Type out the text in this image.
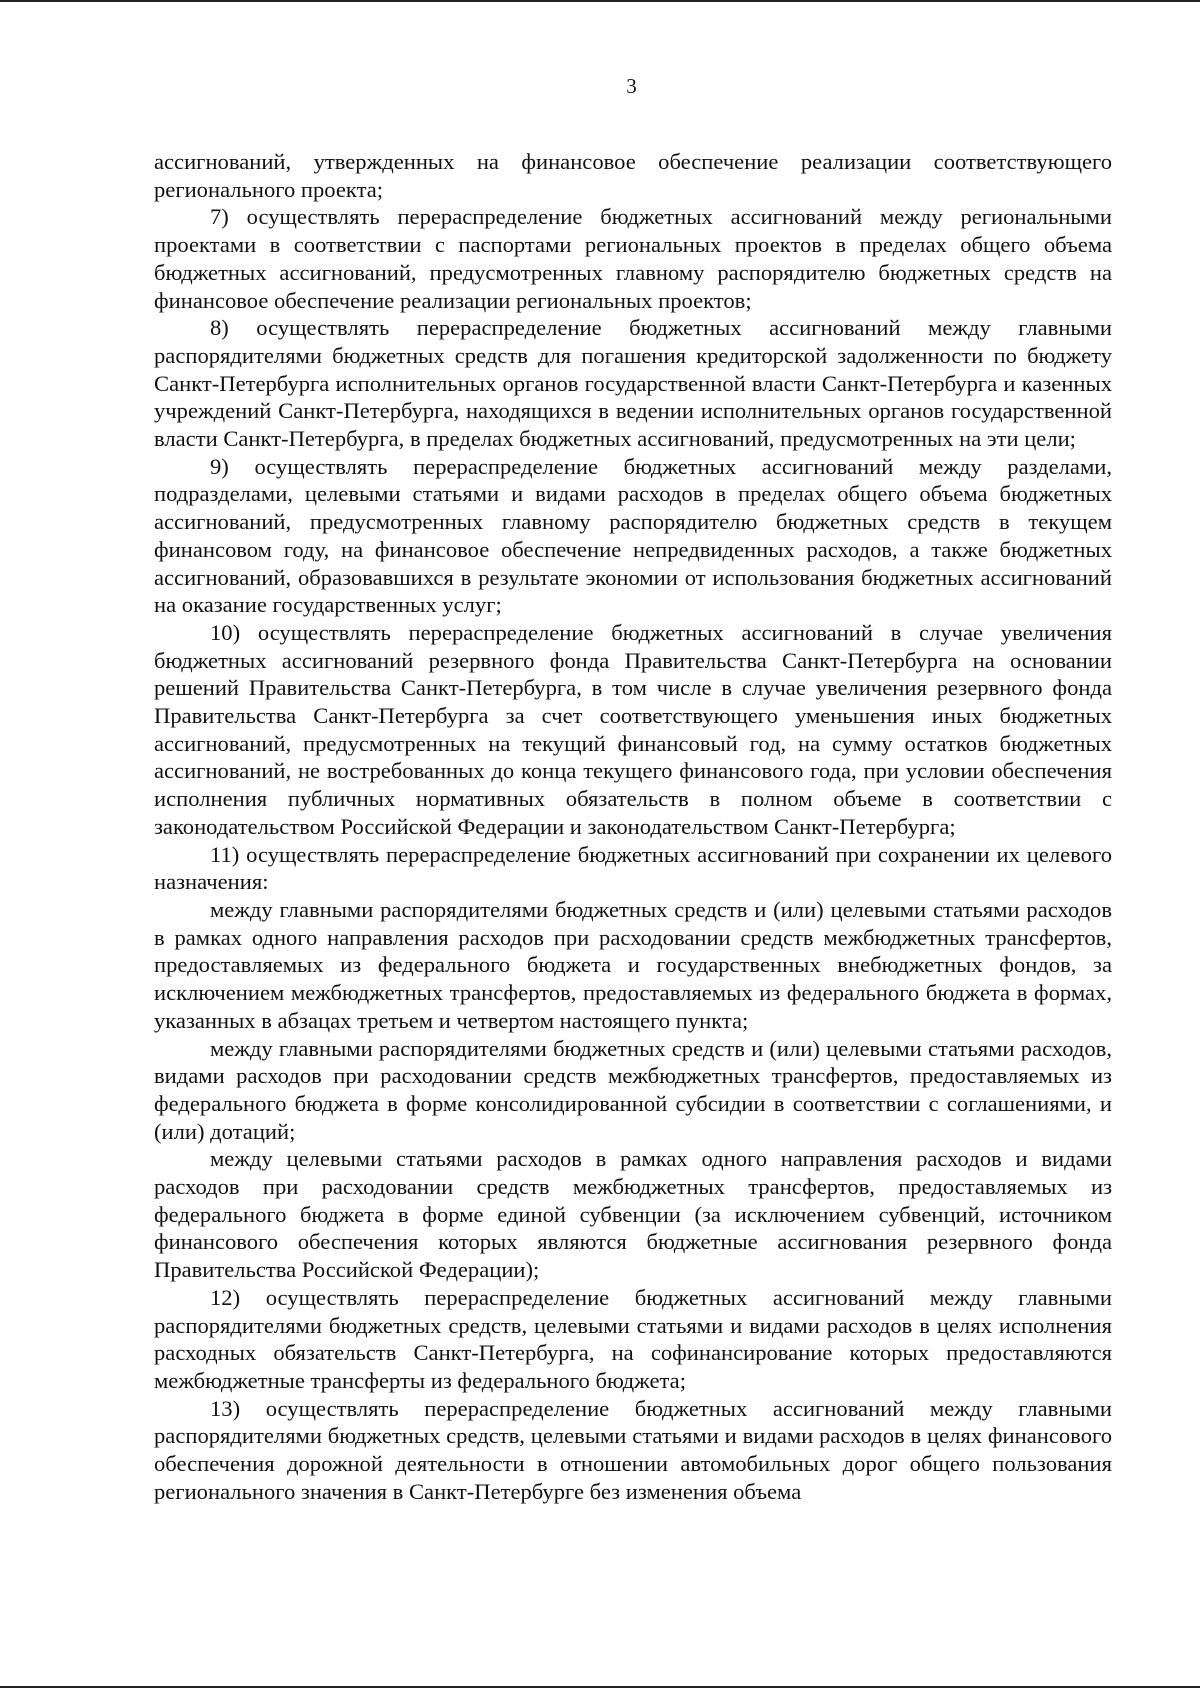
3

ассигнований, утвержденных на финансовое обеспечение реализации соответствующего регионального проекта;

7) осуществлять перераспределение бюджетных ассигнований между региональными проектами в соответствии с паспортами региональных проектов в пределах общего объема бюджетных ассигнований, предусмотренных главному распорядителю бюджетных средств на финансовое обеспечение реализации региональных проектов;

8) осуществлять перераспределение бюджетных ассигнований между главными распорядителями бюджетных средств для погашения кредиторской задолженности по бюджету Санкт-Петербурга исполнительных органов государственной власти Санкт-Петербурга и казенных учреждений Санкт-Петербурга, находящихся в ведении исполнительных органов государственной власти Санкт-Петербурга, в пределах бюджетных ассигнований, предусмотренных на эти цели;

9) осуществлять перераспределение бюджетных ассигнований между разделами, подразделами, целевыми статьями и видами расходов в пределах общего объема бюджетных ассигнований, предусмотренных главному распорядителю бюджетных средств в текущем финансовом году, на финансовое обеспечение непредвиденных расходов, а также бюджетных ассигнований, образовавшихся в результате экономии от использования бюджетных ассигнований на оказание государственных услуг;

10) осуществлять перераспределение бюджетных ассигнований в случае увеличения бюджетных ассигнований резервного фонда Правительства Санкт-Петербурга на основании решений Правительства Санкт-Петербурга, в том числе в случае увеличения резервного фонда Правительства Санкт-Петербурга за счет соответствующего уменьшения иных бюджетных ассигнований, предусмотренных на текущий финансовый год, на сумму остатков бюджетных ассигнований, не востребованных до конца текущего финансового года, при условии обеспечения исполнения публичных нормативных обязательств в полном объеме в соответствии с законодательством Российской Федерации и законодательством Санкт-Петербурга;

11) осуществлять перераспределение бюджетных ассигнований при сохранении их целевого назначения:

между главными распорядителями бюджетных средств и (или) целевыми статьями расходов в рамках одного направления расходов при расходовании средств межбюджетных трансфертов, предоставляемых из федерального бюджета и государственных внебюджетных фондов, за исключением межбюджетных трансфертов, предоставляемых из федерального бюджета в формах, указанных в абзацах третьем и четвертом настоящего пункта;

между главными распорядителями бюджетных средств и (или) целевыми статьями расходов, видами расходов при расходовании средств межбюджетных трансфертов, предоставляемых из федерального бюджета в форме консолидированной субсидии в соответствии с соглашениями, и (или) дотаций;

между целевыми статьями расходов в рамках одного направления расходов и видами расходов при расходовании средств межбюджетных трансфертов, предоставляемых из федерального бюджета в форме единой субвенции (за исключением субвенций, источником финансового обеспечения которых являются бюджетные ассигнования резервного фонда Правительства Российской Федерации);

12) осуществлять перераспределение бюджетных ассигнований между главными распорядителями бюджетных средств, целевыми статьями и видами расходов в целях исполнения расходных обязательств Санкт-Петербурга, на софинансирование которых предоставляются межбюджетные трансферты из федерального бюджета;

13) осуществлять перераспределение бюджетных ассигнований между главными распорядителями бюджетных средств, целевыми статьями и видами расходов в целях финансового обеспечения дорожной деятельности в отношении автомобильных дорог общего пользования регионального значения в Санкт-Петербурге без изменения объема
